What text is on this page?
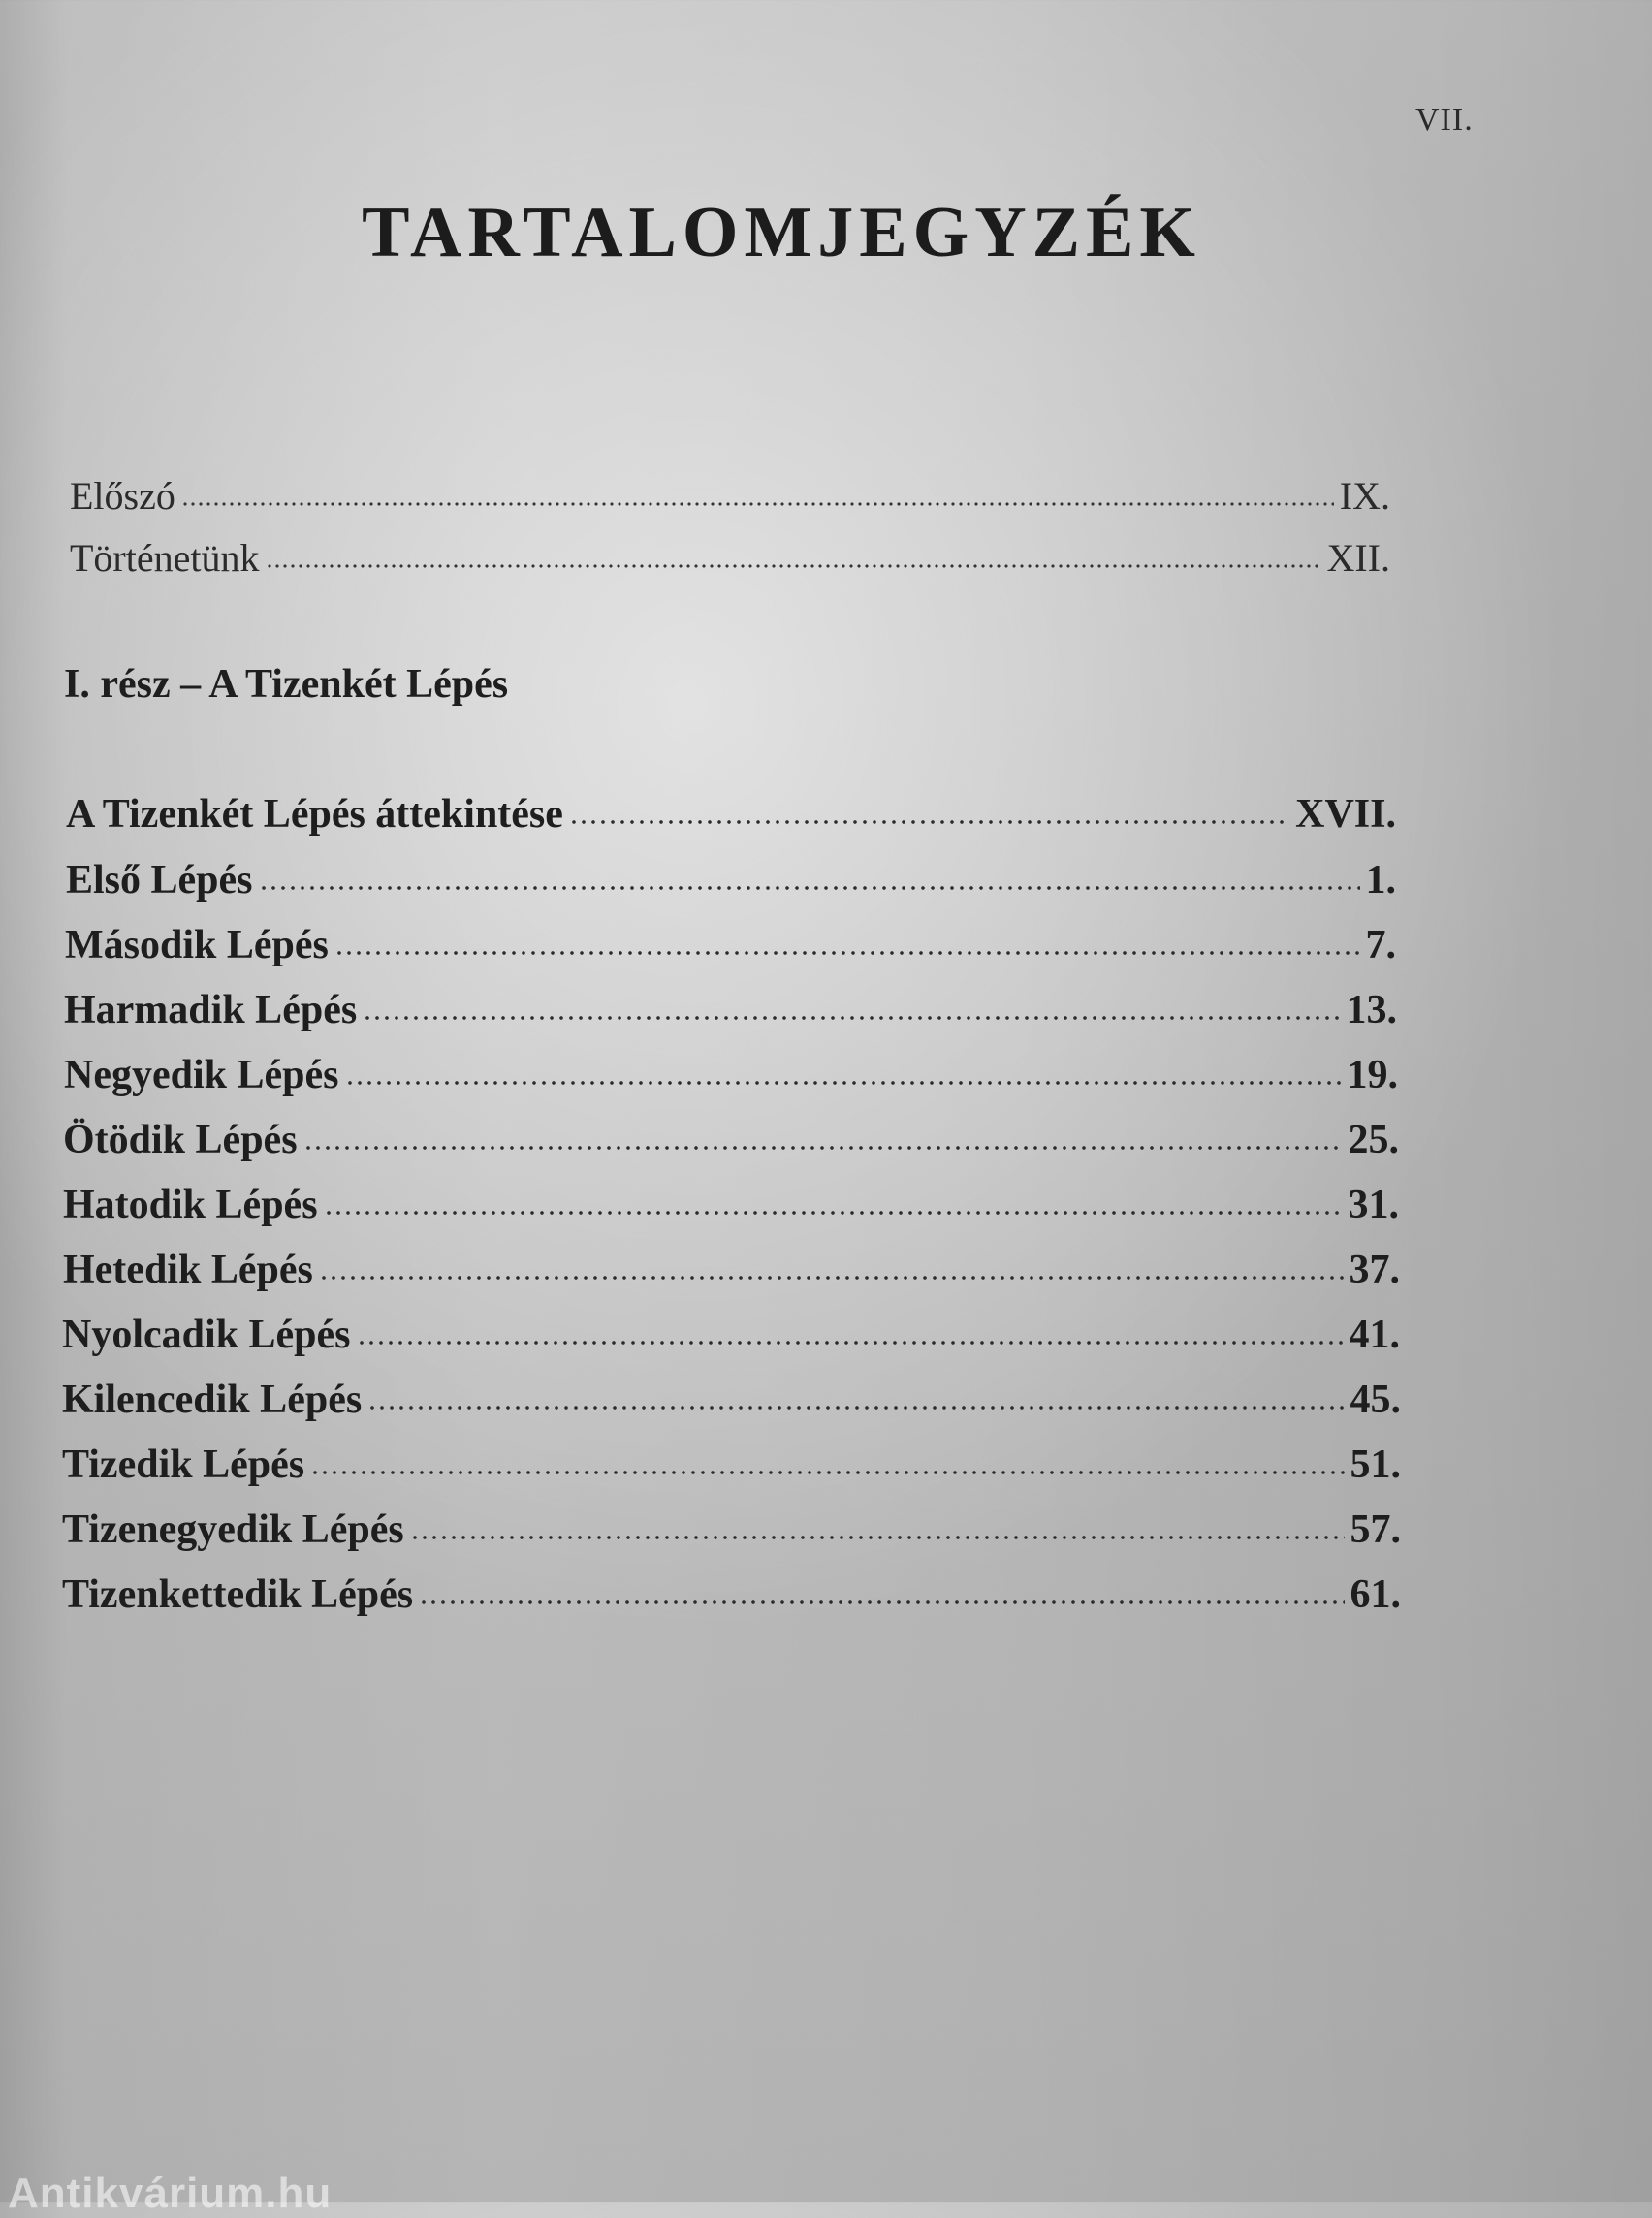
VII.
TARTALOMJEGYZÉK
Előszó	IX.
Történetünk	XII.
I. rész – A Tizenkét Lépés
A Tizenkét Lépés áttekintése	XVII.
Első Lépés	1.
Második Lépés	7.
Harmadik Lépés	13.
Negyedik Lépés	19.
Ötödik Lépés	25.
Hatodik Lépés	31.
Hetedik Lépés	37.
Nyolcadik Lépés	41.
Kilencedik Lépés	45.
Tizedik Lépés	51.
Tizenegyedik Lépés	57.
Tizenkettedik Lépés	61.
Antikvárium.hu
